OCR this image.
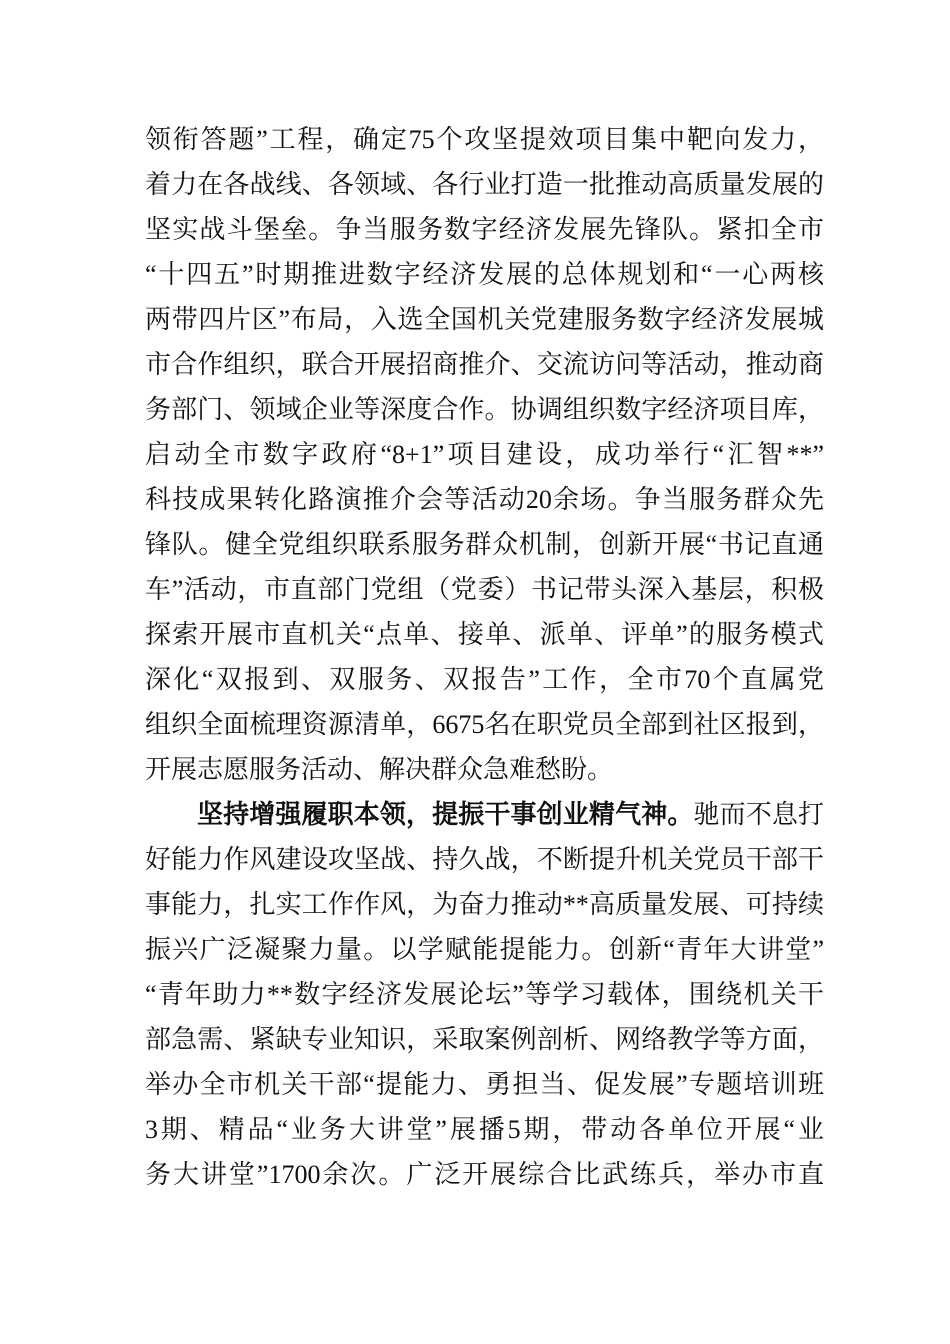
领衔答题”工程，确定75个攻坚提效项目集中靶向发力，
着力在各战线、各领域、各行业打造一批推动高质量发展的
坚实战斗堡垒。争当服务数字经济发展先锋队。紧扣全市
“十四五”时期推进数字经济发展的总体规划和“一心两核
两带四片区”布局，入选全国机关党建服务数字经济发展城
市合作组织，联合开展招商推介、交流访问等活动，推动商
务部门、领域企业等深度合作。协调组织数字经济项目库，
启动全市数字政府“8+1”项目建设，成功举行“汇智**”
科技成果转化路演推介会等活动20余场。争当服务群众先
锋队。健全党组织联系服务群众机制，创新开展“书记直通
车”活动，市直部门党组（党委）书记带头深入基层，积极
探索开展市直机关“点单、接单、派单、评单”的服务模式
深化“双报到、双服务、双报告”工作，全市70个直属党
组织全面梳理资源清单，6675名在职党员全部到社区报到，
开展志愿服务活动、解决群众急难愁盼。
坚持增强履职本领，提振干事创业精气神。驰而不息打
好能力作风建设攻坚战、持久战，不断提升机关党员干部干
事能力，扎实工作作风，为奋力推动**高质量发展、可持续
振兴广泛凝聚力量。以学赋能提能力。创新“青年大讲堂”
“青年助力**数字经济发展论坛”等学习载体，围绕机关干
部急需、紧缺专业知识，采取案例剖析、网络教学等方面，
举办全市机关干部“提能力、勇担当、促发展”专题培训班
3期、精品“业务大讲堂”展播5期，带动各单位开展“业
务大讲堂”1700余次。广泛开展综合比武练兵，举办市直
